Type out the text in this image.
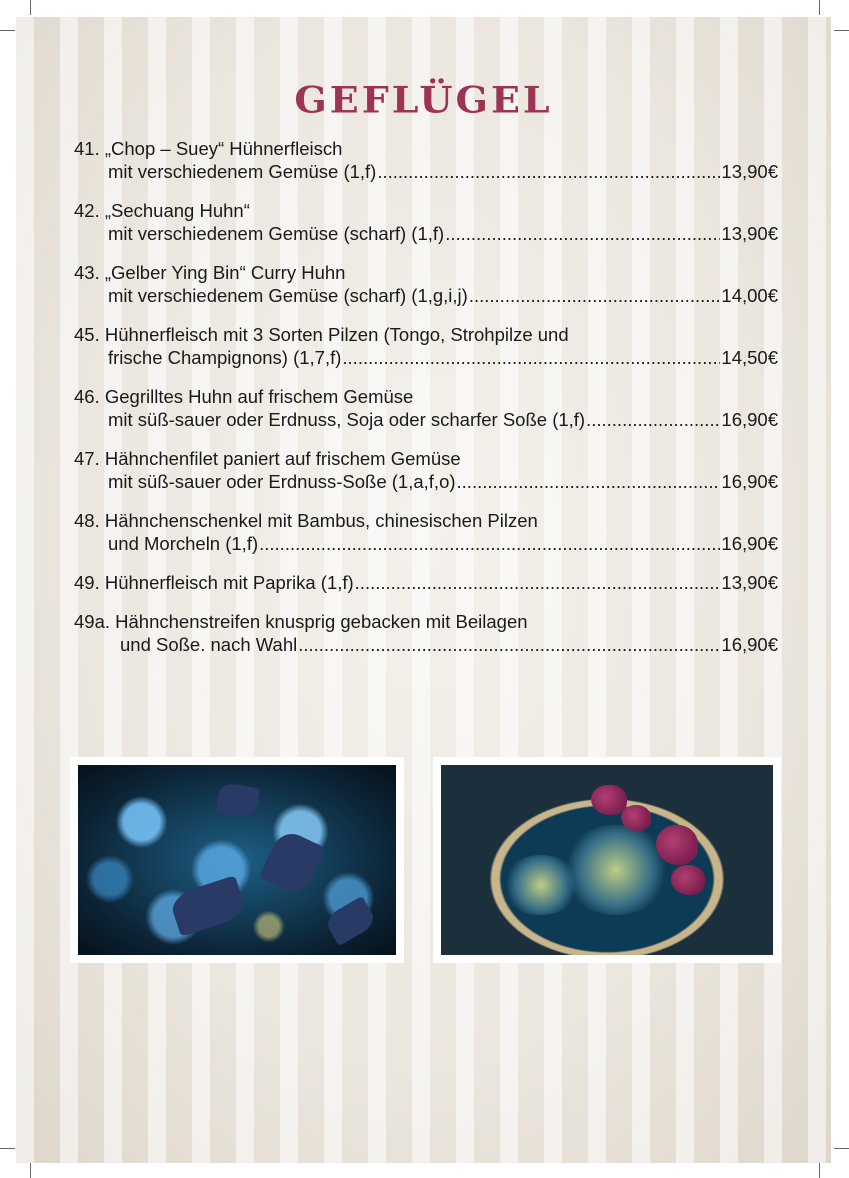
GEFLÜGEL
41.
„Chop – Suey“ Hühnerfleisch
mit verschiedenem Gemüse (1,f) .....	13,90€
42.
„Sechuang Huhn“
mit verschiedenem Gemüse (scharf) (1,f) .....	13,90€
43.
„Gelber Ying Bin“ Curry Huhn
mit verschiedenem Gemüse (scharf) (1,g,i,j) .....	14,00€
45.
Hühnerfleisch mit 3 Sorten Pilzen (Tongo, Strohpilze und
frische Champignons) (1,7,f) .....	14,50€
46.
Gegrilltes Huhn auf frischem Gemüse
mit süß-sauer oder Erdnuss, Soja oder scharfer Soße (1,f) .....	16,90€
47.
Hähnchenfilet paniert auf frischem Gemüse
mit süß-sauer oder Erdnuss-Soße (1,a,f,o) .....	16,90€
48.
Hähnchenschenkel mit Bambus, chinesischen Pilzen
und Morcheln (1,f) .....	16,90€
49.
Hühnerfleisch mit Paprika (1,f) .....	13,90€
49a.
Hähnchenstreifen knusprig gebacken mit Beilagen
und Soße. nach Wahl .....	16,90€
